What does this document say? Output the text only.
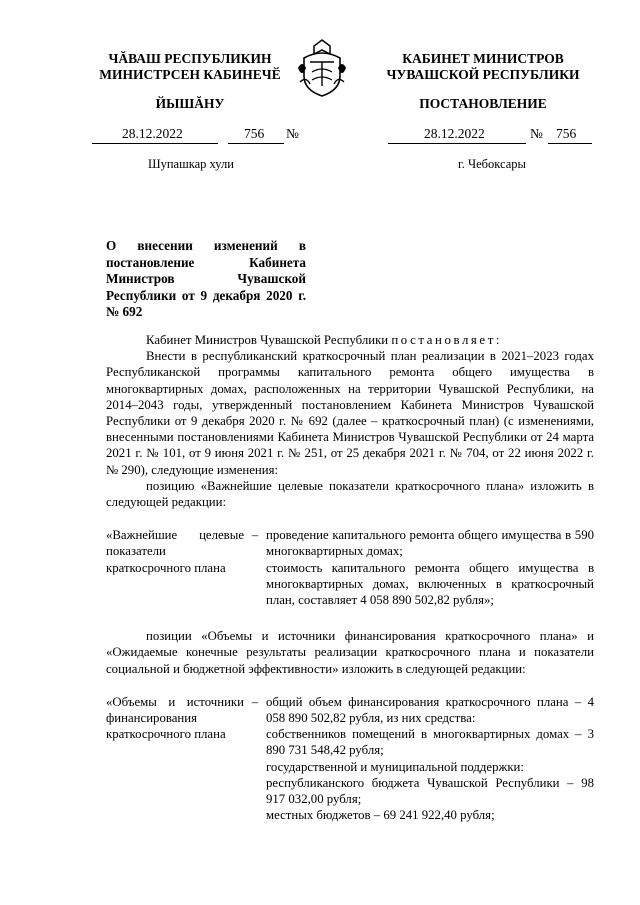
ЧĂВАШ РЕСПУБЛИКИН
МИНИСТРСЕН КАБИНЕЧӖ
ЙЫШĂНУ
КАБИНЕТ МИНИСТРОВ
ЧУВАШСКОЙ РЕСПУБЛИКИ
ПОСТАНОВЛЕНИЕ
28.12.2022	756 №	28.12.2022	№ 756
Шупашкар хули	г. Чебоксары
О внесении изменений в постановление Кабинета Министров Чувашской Республики от 9 декабря 2020 г. № 692

Кабинет Министров Чувашской Республики постановляет:

Внести в республиканский краткосрочный план реализации в 2021–2023 годах Республиканской программы капитального ремонта общего имущества в многоквартирных домах, расположенных на территории Чувашской Республики, на 2014–2043 годы, утвержденный постановлением Кабинета Министров Чувашской Республики от 9 декабря 2020 г. № 692 (далее – краткосрочный план) (с изменениями, внесенными постановлениями Кабинета Министров Чувашской Республики от 24 марта 2021 г. № 101, от 9 июня 2021 г. № 251, от 25 декабря 2021 г. № 704, от 22 июня 2022 г. № 290), следующие изменения:

позицию «Важнейшие целевые показатели краткосрочного плана» изложить в следующей редакции:

«Важнейшие целевые показатели краткосрочного плана
– проведение капитального ремонта общего имущества в 590 многоквартирных домах;

стоимость капитального ремонта общего имущества в многоквартирных домах, включенных в краткосрочный план, составляет 4 058 890 502,82 рубля»;

позиции «Объемы и источники финансирования краткосрочного плана» и «Ожидаемые конечные результаты реализации краткосрочного плана и показатели социальной и бюджетной эффективности» изложить в следующей редакции:

«Объемы и источники финансирования краткосрочного плана
– общий объем финансирования краткосрочного плана – 4 058 890 502,82 рубля, из них средства:

собственников помещений в многоквартирных домах – 3 890 731 548,42 рубля;

государственной и муниципальной поддержки:

республиканского бюджета Чувашской Республики – 98 917 032,00 рубля;

местных бюджетов – 69 241 922,40 рубля;
